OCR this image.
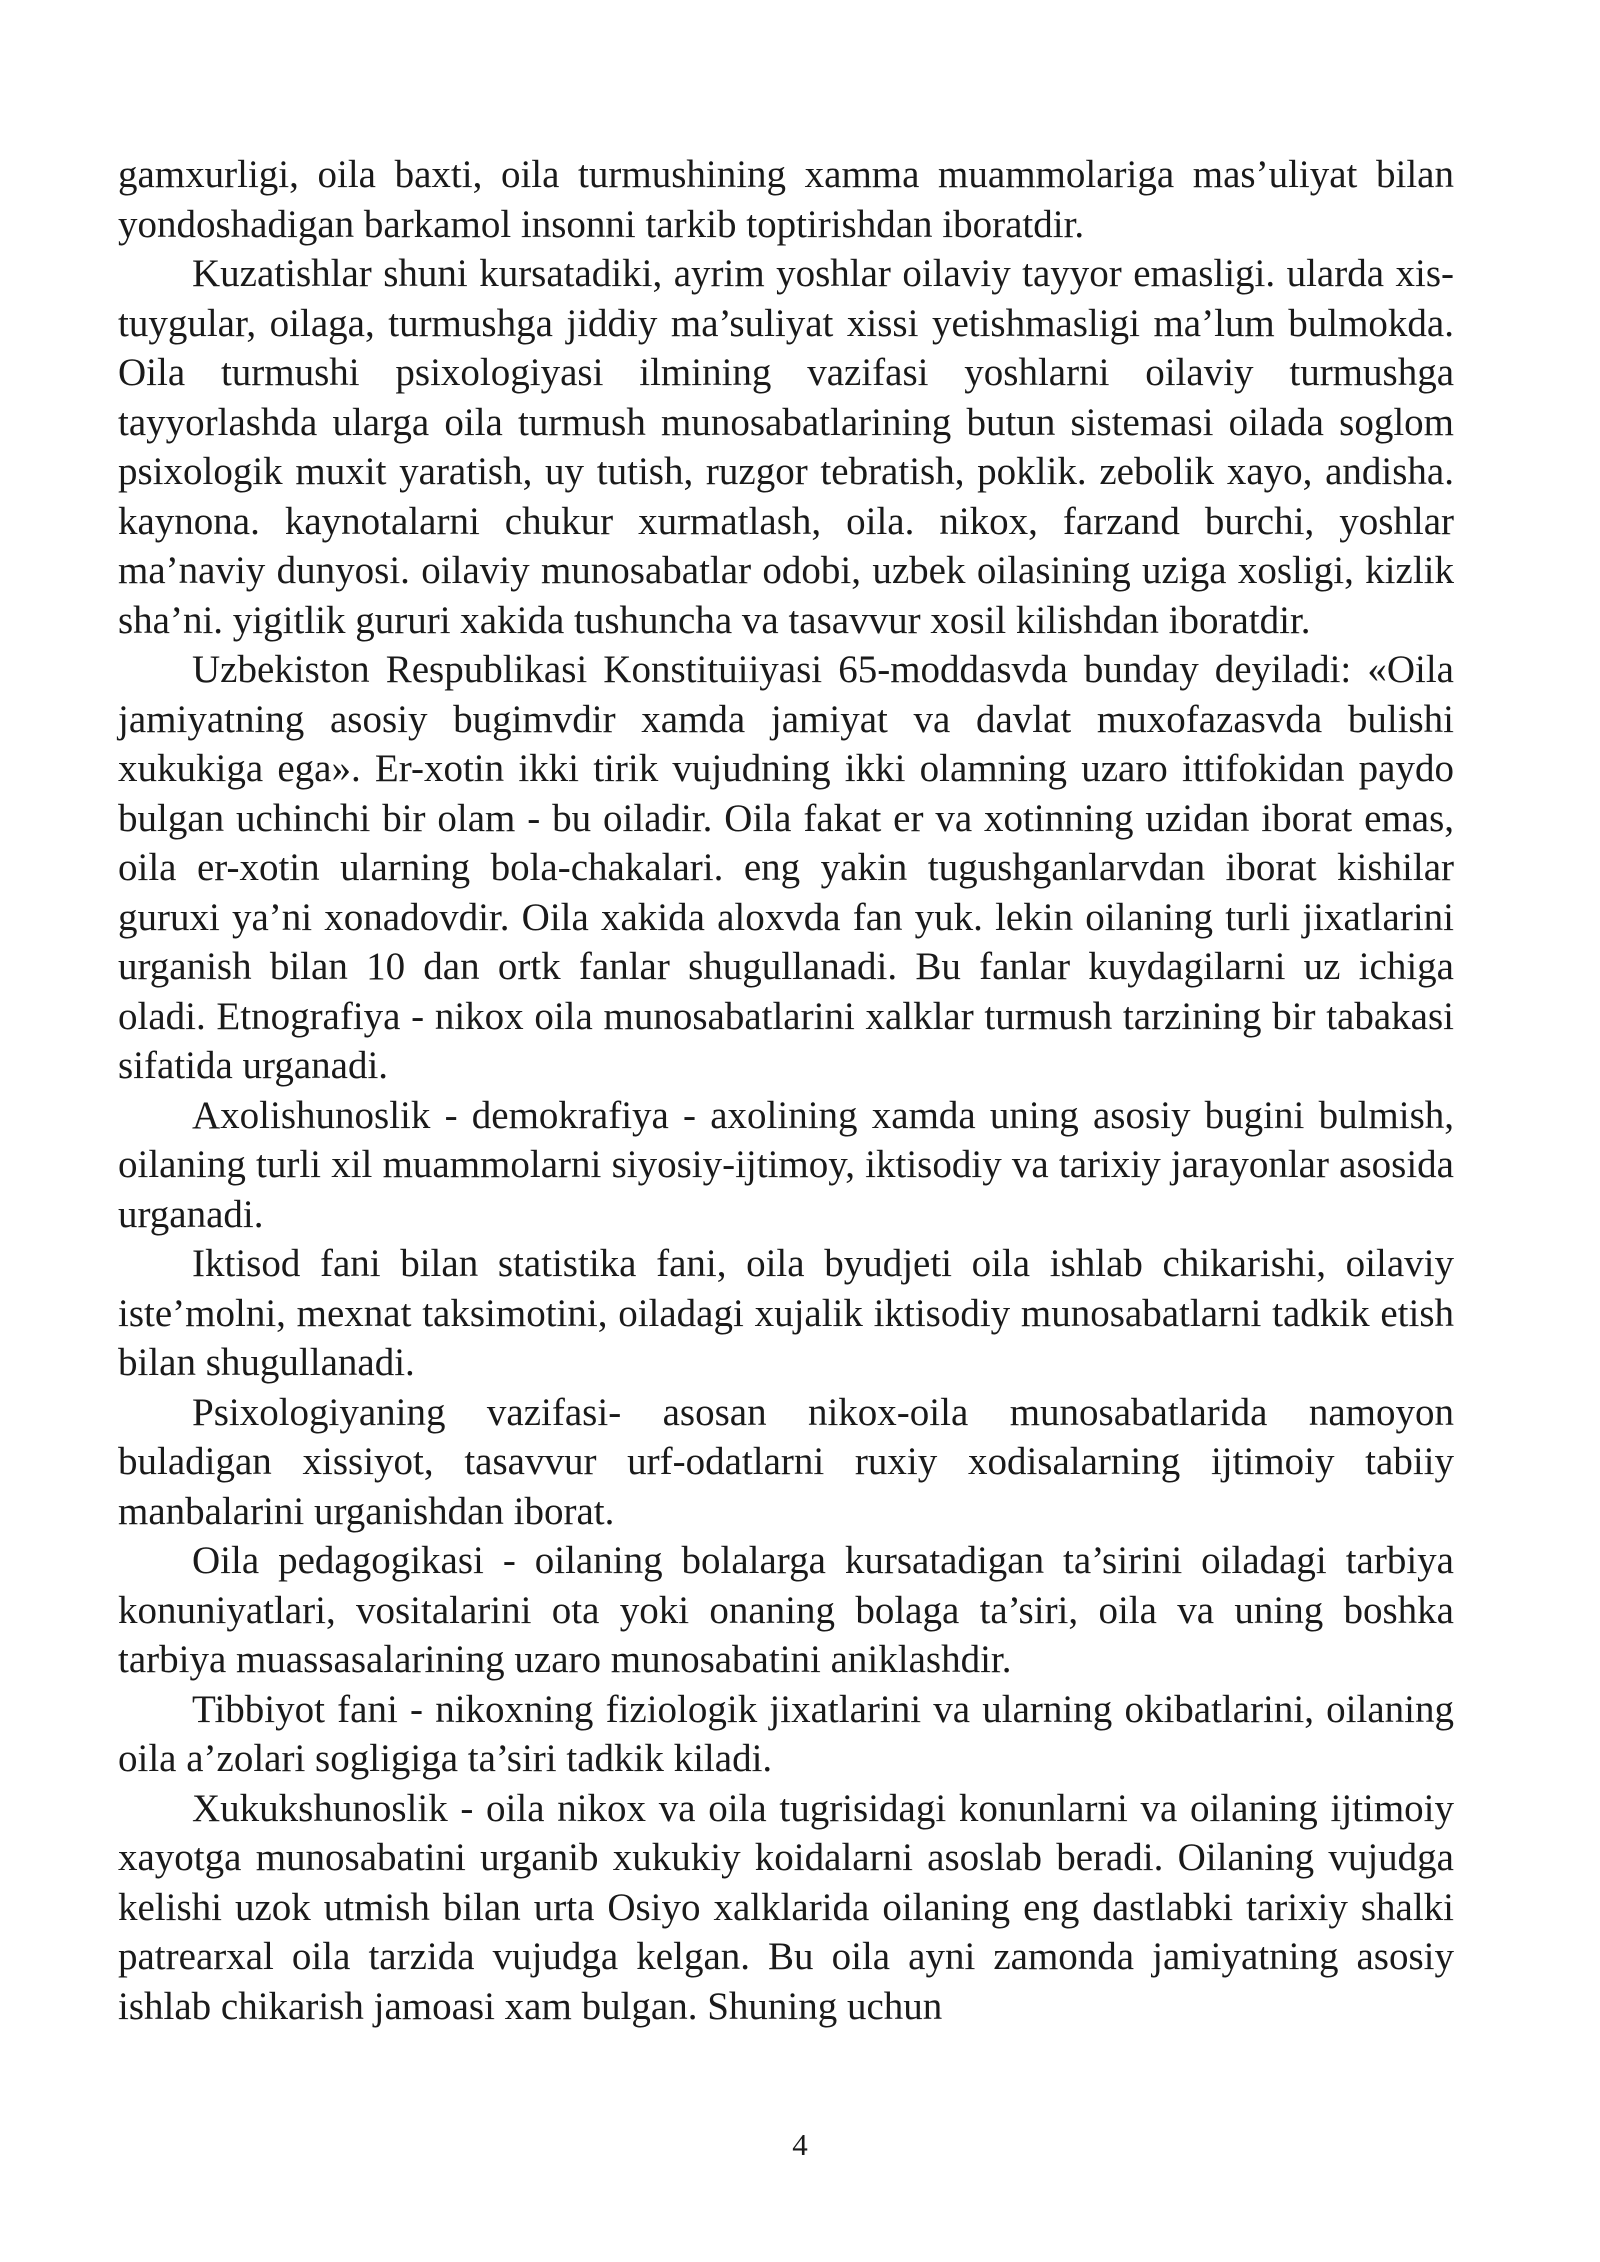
gamxurligi, oila baxti, oila turmushining xamma muammolariga mas’uliyat bilan yondoshadigan barkamol insonni tarkib toptirishdan iboratdir.

Kuzatishlar shuni kursatadiki, ayrim yoshlar oilaviy tayyor emasligi. ularda xis-tuygular, oilaga, turmushga jiddiy ma’suliyat xissi yetishmasligi ma’lum bulmokda. Oila turmushi psixologiyasi ilmining vazifasi yoshlarni oilaviy turmushga tayyorlashda ularga oila turmush munosabatlarining butun sistemasi oilada soglom psixologik muxit yaratish, uy tutish, ruzgor tebratish, poklik. zebolik xayo, andisha. kaynona. kaynotalarni chukur xurmatlash, oila. nikox, farzand burchi, yoshlar ma’naviy dunyosi. oilaviy munosabatlar odobi, uzbek oilasining uziga xosligi, kizlik sha’ni. yigitlik gururi xakida tushuncha va tasavvur xosil kilishdan iboratdir.

Uzbekiston Respublikasi Konstituiiyasi 65-moddasvda bunday deyiladi: «Oila jamiyatning asosiy bugimvdir xamda jamiyat va davlat muxofazasvda bulishi xukukiga ega». Er-xotin ikki tirik vujudning ikki olamning uzaro ittifokidan paydo bulgan uchinchi bir olam - bu oiladir. Oila fakat er va xotinning uzidan iborat emas, oila er-xotin ularning bola-chakalari. eng yakin tugushganlarvdan iborat kishilar guruxi ya’ni xonadovdir. Oila xakida aloxvda fan yuk. lekin oilaning turli jixatlarini urganish bilan 10 dan ortk fanlar shugullanadi. Bu fanlar kuydagilarni uz ichiga oladi. Etnografiya - nikox oila munosabatlarini xalklar turmush tarzining bir tabakasi sifatida urganadi.

Axolishunoslik - demokrafiya - axolining xamda uning asosiy bugini bulmish, oilaning turli xil muammolarni siyosiy-ijtimoy, iktisodiy va tarixiy jarayonlar asosida urganadi.

Iktisod fani bilan statistika fani, oila byudjeti oila ishlab chikarishi, oilaviy iste’molni, mexnat taksimotini, oiladagi xujalik iktisodiy munosabatlarni tadkik etish bilan shugullanadi.

Psixologiyaning vazifasi- asosan nikox-oila munosabatlarida namoyon buladigan xissiyot, tasavvur urf-odatlarni ruxiy xodisalarning ijtimoiy tabiiy manbalarini urganishdan iborat.

Oila pedagogikasi - oilaning bolalarga kursatadigan ta’sirini oiladagi tarbiya konuniyatlari, vositalarini ota yoki onaning bolaga ta’siri, oila va uning boshka tarbiya muassasalarining uzaro munosabatini aniklashdir.

Tibbiyot fani - nikoxning fiziologik jixatlarini va ularning okibatlarini, oilaning oila a’zolari sogligiga ta’siri tadkik kiladi.

Xukukshunoslik - oila nikox va oila tugrisidagi konunlarni va oilaning ijtimoiy xayotga munosabatini urganib xukukiy koidalarni asoslab beradi. Oilaning vujudga kelishi uzok utmish bilan urta Osiyo xalklarida oilaning eng dastlabki tarixiy shalki patrearxal oila tarzida vujudga kelgan. Bu oila ayni zamonda jamiyatning asosiy ishlab chikarish jamoasi xam bulgan. Shuning uchun

4
